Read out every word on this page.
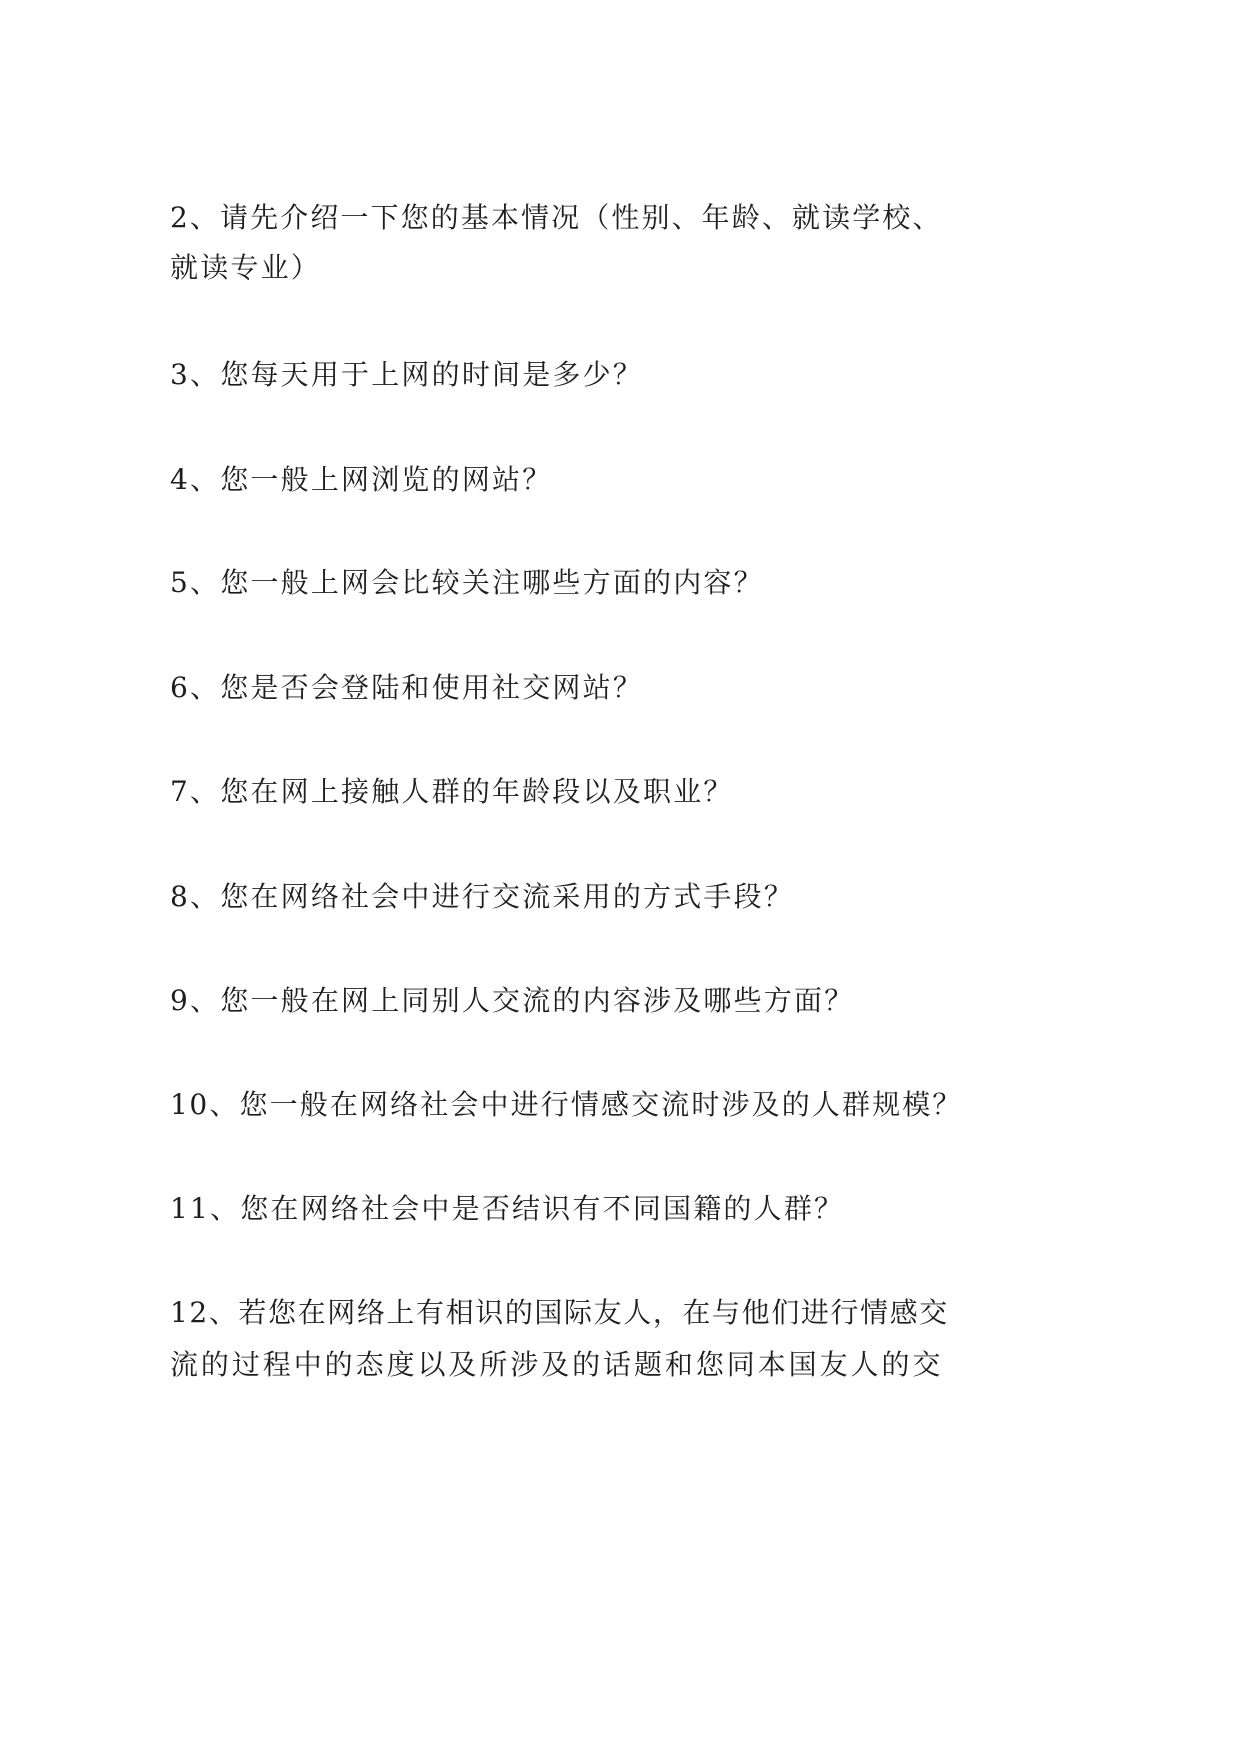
2、请先介绍一下您的基本情况（性别、年龄、就读学校、
就读专业）
3、您每天用于上网的时间是多少？
4、您一般上网浏览的网站？
5、您一般上网会比较关注哪些方面的内容？
6、您是否会登陆和使用社交网站？
7、您在网上接触人群的年龄段以及职业？
8、您在网络社会中进行交流采用的方式手段？
9、您一般在网上同别人交流的内容涉及哪些方面？
10、您一般在网络社会中进行情感交流时涉及的人群规模？
11、您在网络社会中是否结识有不同国籍的人群？
12、若您在网络上有相识的国际友人，在与他们进行情感交
流的过程中的态度以及所涉及的话题和您同本国友人的交
